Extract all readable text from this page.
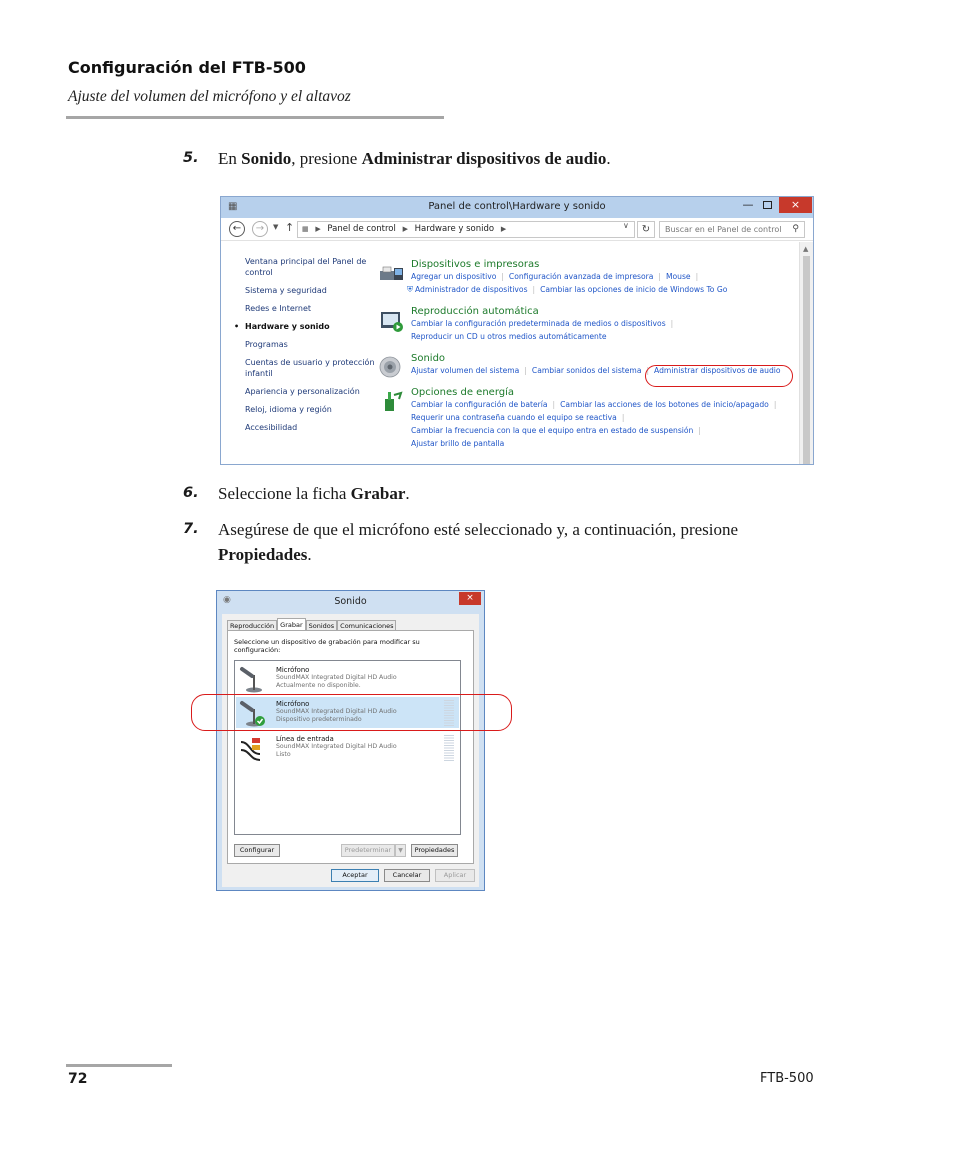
Configuración del FTB-500
Ajuste del volumen del micrófono y el altavoz
5. En Sonido, presione Administrar dispositivos de audio.
▦	Panel de control\Hardware y sonido	—	×
←	→	▼ ↑	▦ ▶ Panel de control ▶ Hardware y sonido ▶	∨	↻	Buscar en el Panel de control ⚲
Ventana principal del Panel de control
Sistema y seguridad
Redes e Internet
• Hardware y sonido
Programas
Cuentas de usuario y protección infantil
Apariencia y personalización
Reloj, idioma y región
Accesibilidad
Dispositivos e impresoras
Agregar un dispositivo | Configuración avanzada de impresora | Mouse |
⛨ Administrador de dispositivos | Cambiar las opciones de inicio de Windows To Go
Reproducción automática
Cambiar la configuración predeterminada de medios o dispositivos |
Reproducir un CD u otros medios automáticamente
Sonido
Ajustar volumen del sistema | Cambiar sonidos del sistema | Administrar dispositivos de audio
Opciones de energía
Cambiar la configuración de batería | Cambiar las acciones de los botones de inicio/apagado |
Requerir una contraseña cuando el equipo se reactiva |
Cambiar la frecuencia con la que el equipo entra en estado de suspensión |
Ajustar brillo de pantalla
▲
6. Seleccione la ficha Grabar.
7. Asegúrese de que el micrófono esté seleccionado y, a continuación, presione Propiedades.
◉	Sonido	×
Reproducción Grabar Sonidos Comunicaciones
Seleccione un dispositivo de grabación para modificar su configuración:
Micrófono
SoundMAX Integrated Digital HD Audio
Actualmente no disponible.
Micrófono
SoundMAX Integrated Digital HD Audio
Dispositivo predeterminado
Línea de entrada
SoundMAX Integrated Digital HD Audio
Listo
Configurar	Predeterminar	▼	Propiedades
Aceptar	Cancelar	Aplicar
72	FTB-500
